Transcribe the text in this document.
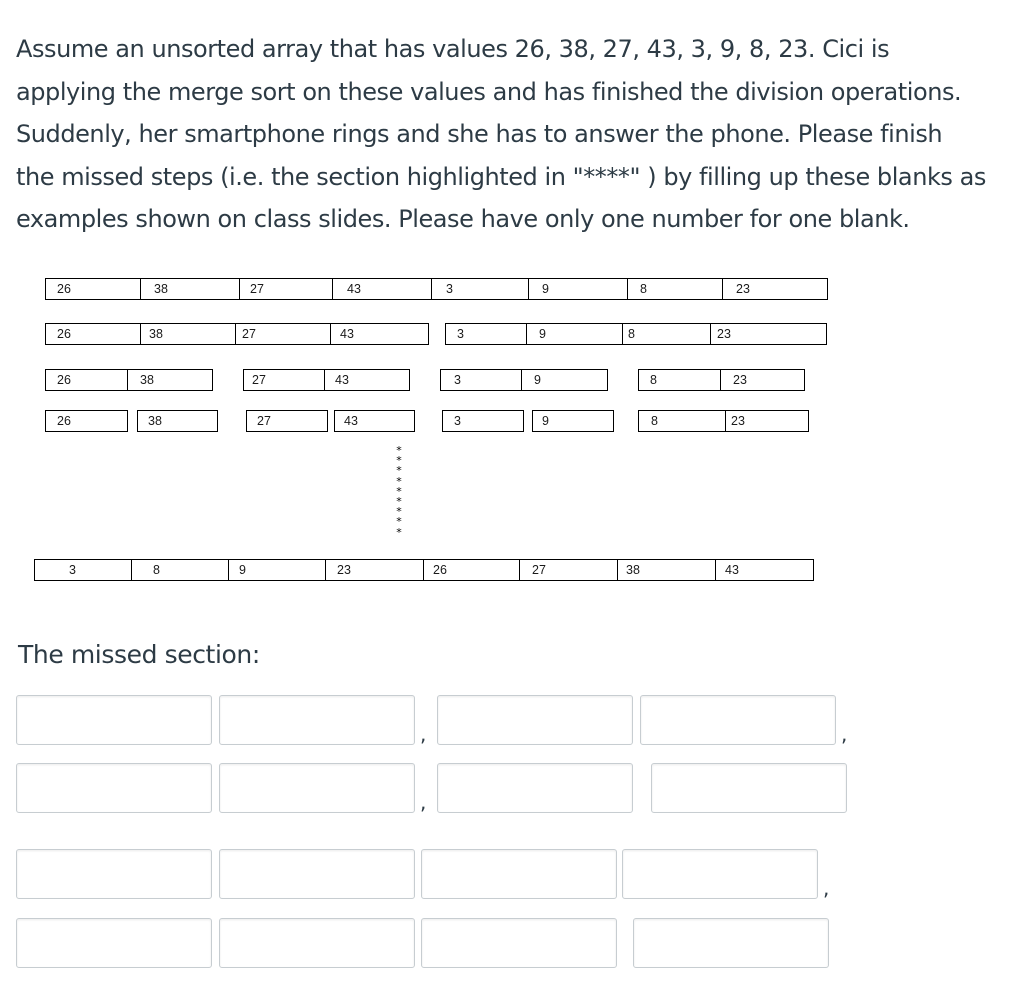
Assume an unsorted array that has values 26, 38, 27, 43, 3, 9, 8, 23. Cici is

applying the merge sort on these values and has finished the division operations.

Suddenly, her smartphone rings and she has to answer the phone. Please finish

the missed steps (i.e. the section highlighted in "****" ) by filling up these blanks as

examples shown on class slides. Please have only one number for one blank.

26	38	27	43	3	9	8	23
26	38	27	43	3	9	8	23
26	38	27	43	3	9	8	23
26	38	27	43	3	9	8	23
*
*
*
*
*
*
*
*
*
3	8	9	23	26	27	38	43
The missed section:
,	,
,
,
